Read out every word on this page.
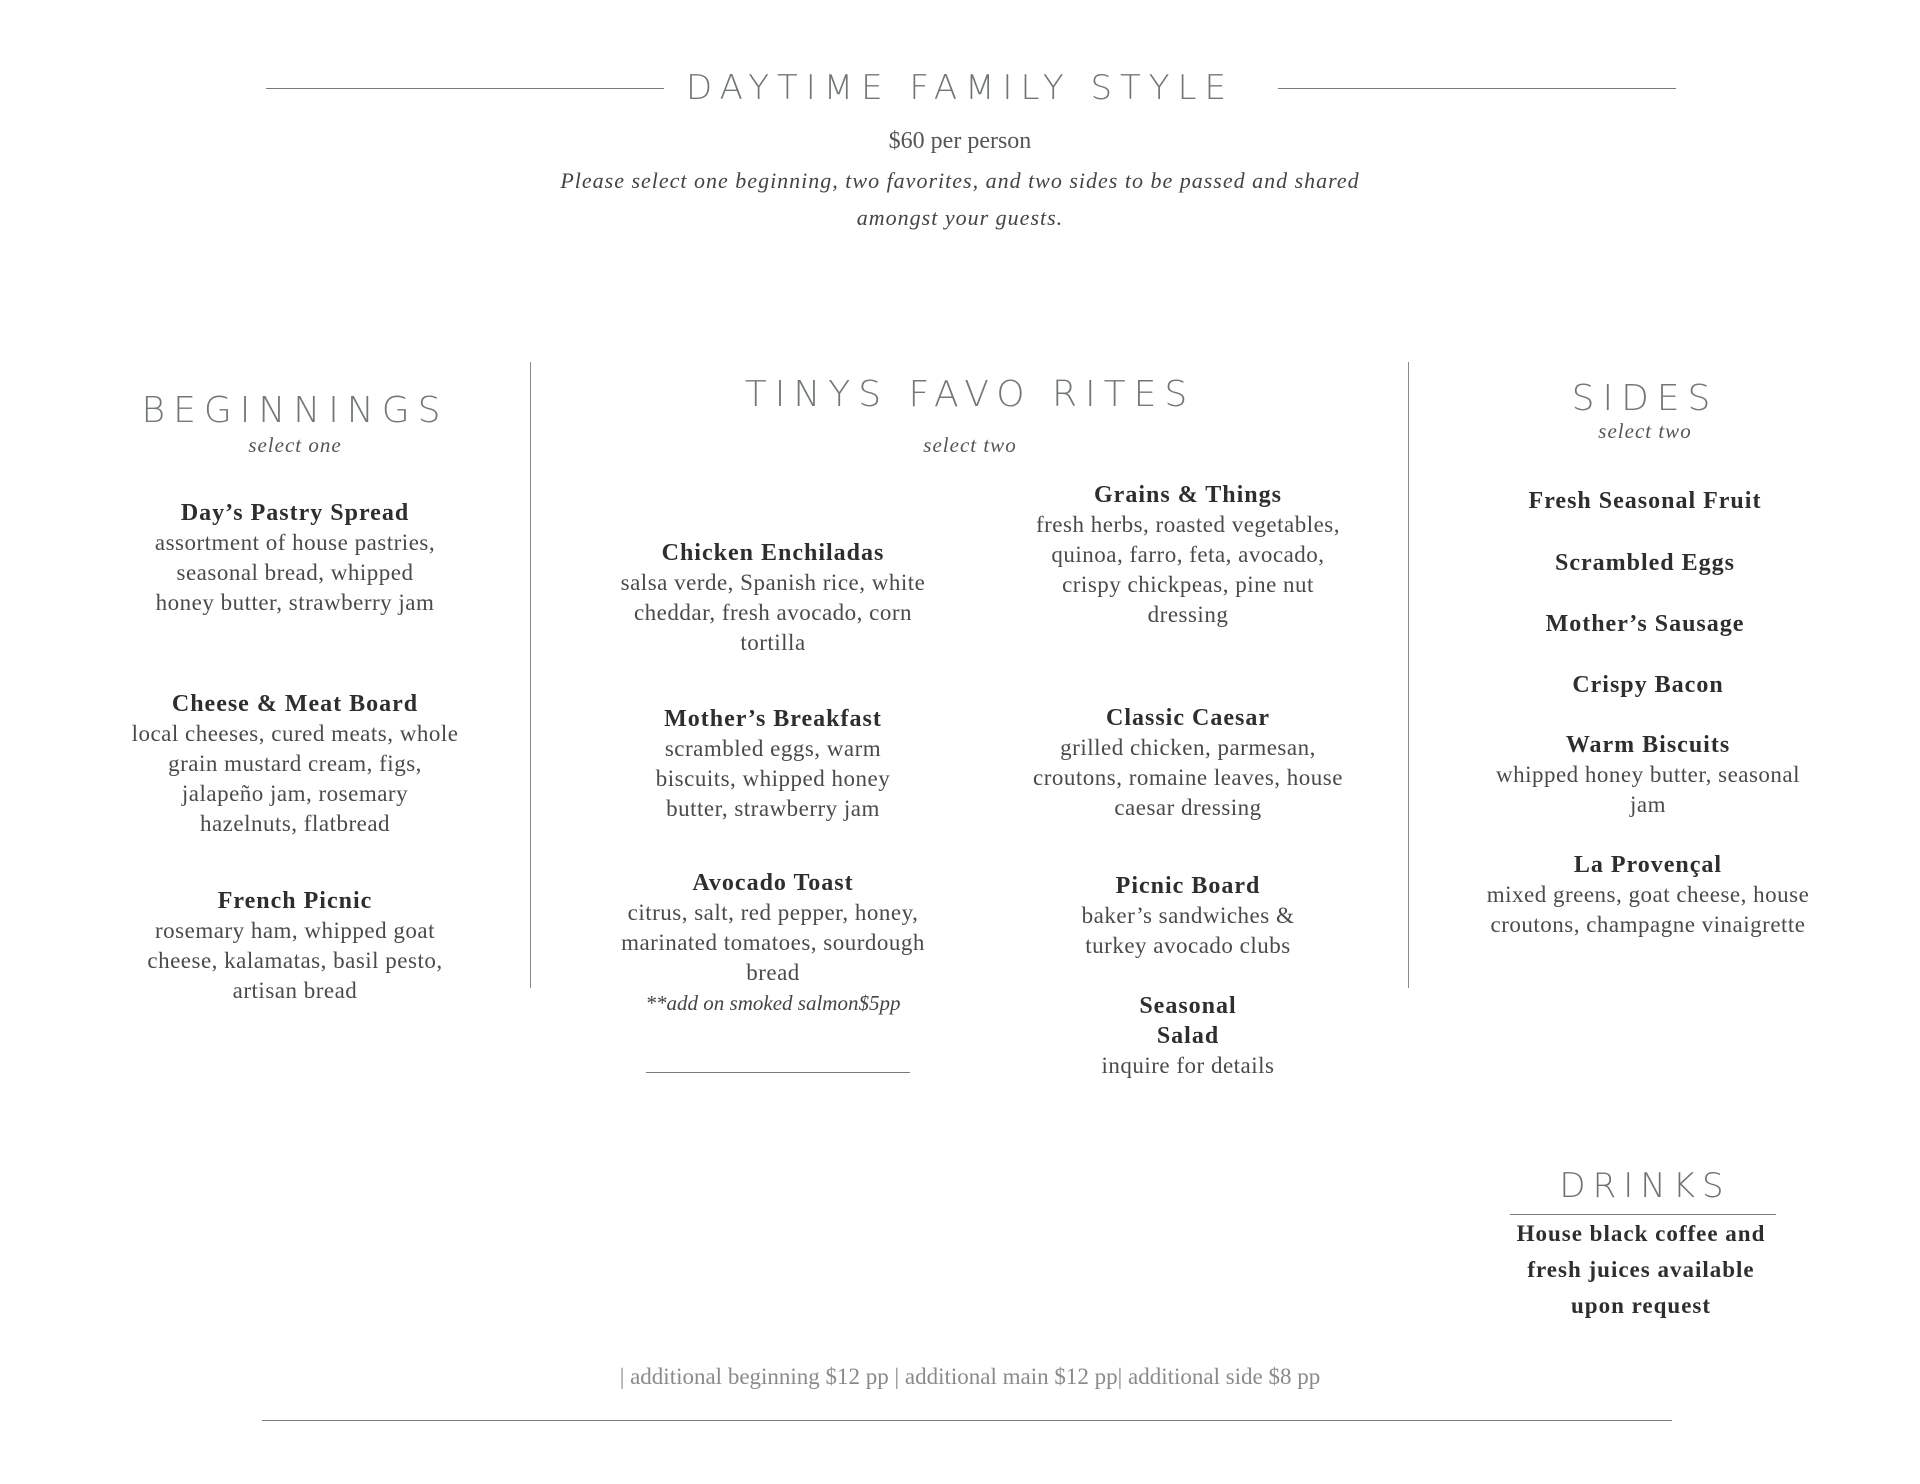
DAYTIME FAMILY STYLE
$60 per person
Please select one beginning, two favorites, and two sides to be passed and shared amongst your guests.
BEGINNINGS
select one
Day’s Pastry Spread
assortment of house pastries, seasonal bread, whipped honey butter, strawberry jam
Cheese & Meat Board
local cheeses, cured meats, whole grain mustard cream, figs, jalapeño jam, rosemary hazelnuts, flatbread
French Picnic
rosemary ham, whipped goat cheese, kalamatas, basil pesto, artisan bread
TINYS FAVO RITES
select two
Chicken Enchiladas
salsa verde, Spanish rice, white cheddar, fresh avocado, corn tortilla
Mother’s Breakfast
scrambled eggs, warm biscuits, whipped honey butter, strawberry jam
Avocado Toast
citrus, salt, red pepper, honey, marinated tomatoes, sourdough bread
**add on smoked salmon$5pp
Grains & Things
fresh herbs, roasted vegetables, quinoa, farro, feta, avocado, crispy chickpeas, pine nut dressing
Classic Caesar
grilled chicken, parmesan, croutons, romaine leaves, house caesar dressing
Picnic Board
baker’s sandwiches & turkey avocado clubs
Seasonal Salad
inquire for details
SIDES
select two
Fresh Seasonal Fruit
Scrambled Eggs
Mother’s Sausage
Crispy Bacon
Warm Biscuits
whipped honey butter, seasonal jam
La Provençal
mixed greens, goat cheese, house croutons, champagne vinaigrette
DRINKS
House black coffee and fresh juices available upon request
| additional beginning $12 pp | additional main $12 pp| additional side $8 pp
